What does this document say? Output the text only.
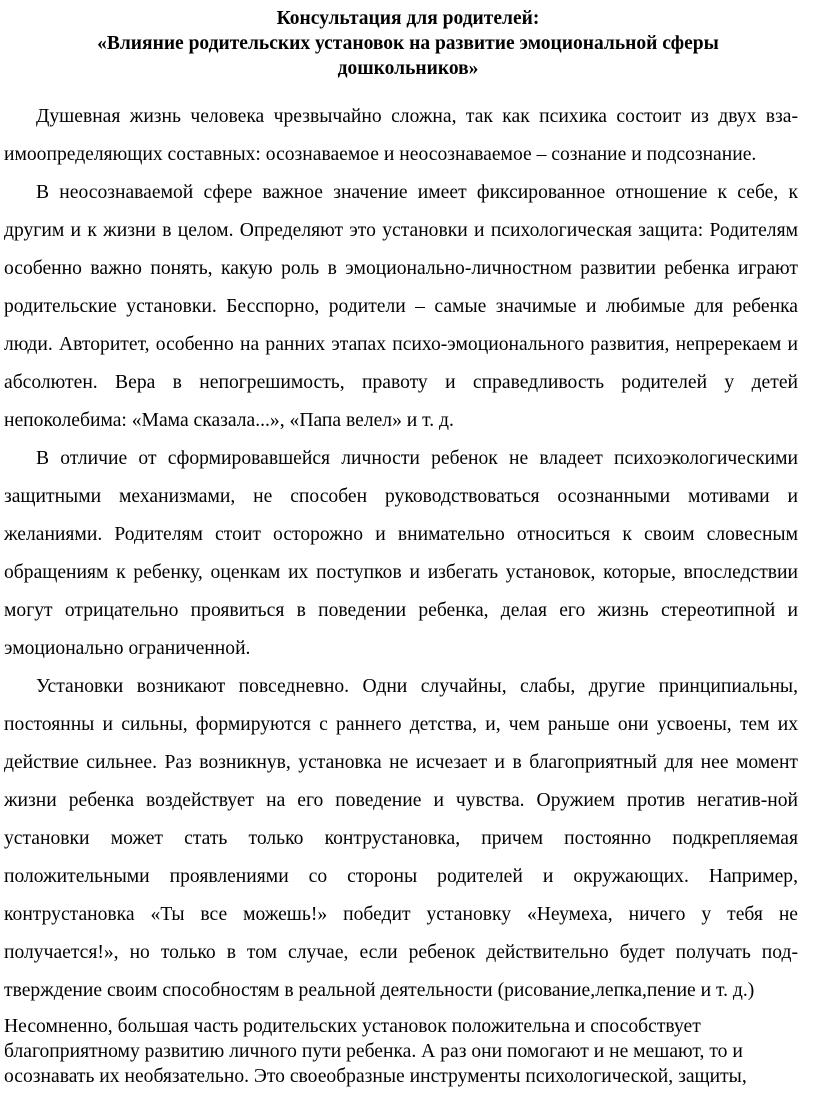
Консультация для родителей:
«Влияние родительских установок на развитие эмоциональной сферы
дошкольников»

Душевная жизнь человека чрезвычайно сложна, так как психика состоит из двух вза-имоопределяющих составных: осознаваемое и неосознаваемое – сознание и подсознание.

В неосознаваемой сфере важное значение имеет фиксированное отношение к себе, к другим и к жизни в целом. Определяют это установки и психологическая защита: Родителям особенно важно понять, какую роль в эмоционально-личностном развитии ребенка играют родительские установки. Бесспорно, родители – самые значимые и любимые для ребенка люди. Авторитет, особенно на ранних этапах психо-эмоционального развития, непререкаем и абсолютен. Вера в непогрешимость, правоту и справедливость родителей у детей непоколебима: «Мама сказала...», «Папа велел» и т. д.

В отличие от сформировавшейся личности ребенок не владеет психоэкологическими защитными механизмами, не способен руководствоваться осознанными мотивами и желаниями. Родителям стоит осторожно и внимательно относиться к своим словесным обращениям к ребенку, оценкам их поступков и избегать установок, которые, впоследствии могут отрицательно проявиться в поведении ребенка, делая его жизнь стереотипной и эмоционально ограниченной.

Установки возникают повседневно. Одни случайны, слабы, другие принципиальны, постоянны и сильны, формируются с раннего детства, и, чем раньше они усвоены, тем их действие сильнее. Раз возникнув, установка не исчезает и в благоприятный для нее момент жизни ребенка воздействует на его поведение и чувства. Оружием против негатив-ной установки может стать только контрустановка, причем постоянно подкрепляемая положительными проявлениями со стороны родителей и окружающих. Например, контрустановка «Ты все можешь!» победит установку «Неумеха, ничего у тебя не получается!», но только в том случае, если ребенок действительно будет получать под-тверждение своим способностям в реальной деятельности (рисование,лепка,пение и т. д.)

Несомненно, большая часть родительских установок положительна и способствует благоприятному развитию личного пути ребенка. А раз они помогают и не мешают, то и осознавать их необязательно. Это своеобразные инструменты психологической, защиты,
